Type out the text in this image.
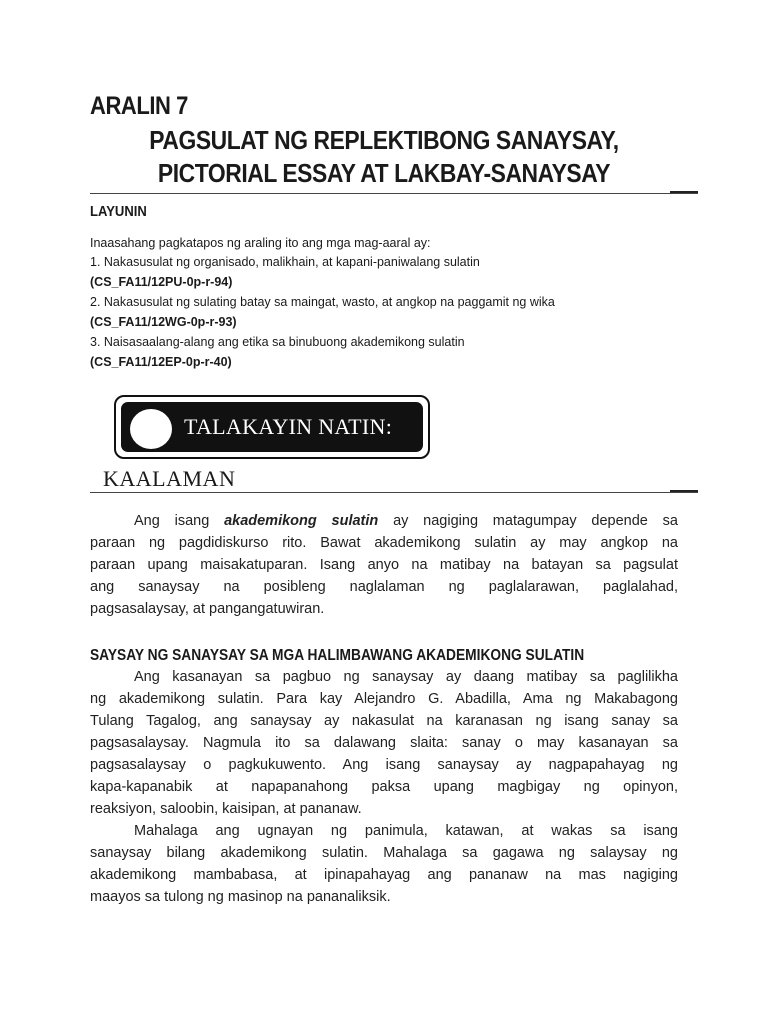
ARALIN 7
PAGSULAT NG REPLEKTIBONG SANAYSAY,
PICTORIAL ESSAY AT LAKBAY-SANAYSAY
LAYUNIN
Inaasahang pagkatapos ng araling ito ang mga mag-aaral ay:
1. Nakasusulat ng organisado, malikhain, at kapani-paniwalang sulatin
(CS_FA11/12PU-0p-r-94)
2. Nakasusulat ng sulating batay sa maingat, wasto, at angkop na paggamit ng wika
(CS_FA11/12WG-0p-r-93)
3. Naisasaalang-alang ang etika sa binubuong akademikong sulatin
(CS_FA11/12EP-0p-r-40)
TALAKAYIN NATIN:
KAALAMAN
Ang isang akademikong sulatin ay nagiging matagumpay depende sa
paraan ng pagdidiskurso rito. Bawat akademikong sulatin ay may angkop na
paraan upang maisakatuparan. Isang anyo na matibay na batayan sa pagsulat
ang sanaysay na posibleng naglalaman ng paglalarawan, paglalahad,
pagsasalaysay, at pangangatuwiran.
SAYSAY NG SANAYSAY SA MGA HALIMBAWANG AKADEMIKONG SULATIN
Ang kasanayan sa pagbuo ng sanaysay ay daang matibay sa paglilikha
ng akademikong sulatin. Para kay Alejandro G. Abadilla, Ama ng Makabagong
Tulang Tagalog, ang sanaysay ay nakasulat na karanasan ng isang sanay sa
pagsasalaysay. Nagmula ito sa dalawang slaita: sanay o may kasanayan sa
pagsasalaysay o pagkukuwento. Ang isang sanaysay ay nagpapahayag ng
kapa-kapanabik at napapanahong paksa upang magbigay ng opinyon,
reaksiyon, saloobin, kaisipan, at pananaw.
Mahalaga ang ugnayan ng panimula, katawan, at wakas sa isang
sanaysay bilang akademikong sulatin. Mahalaga sa gagawa ng salaysay ng
akademikong mambabasa, at ipinapahayag ang pananaw na mas nagiging
maayos sa tulong ng masinop na pananaliksik.
